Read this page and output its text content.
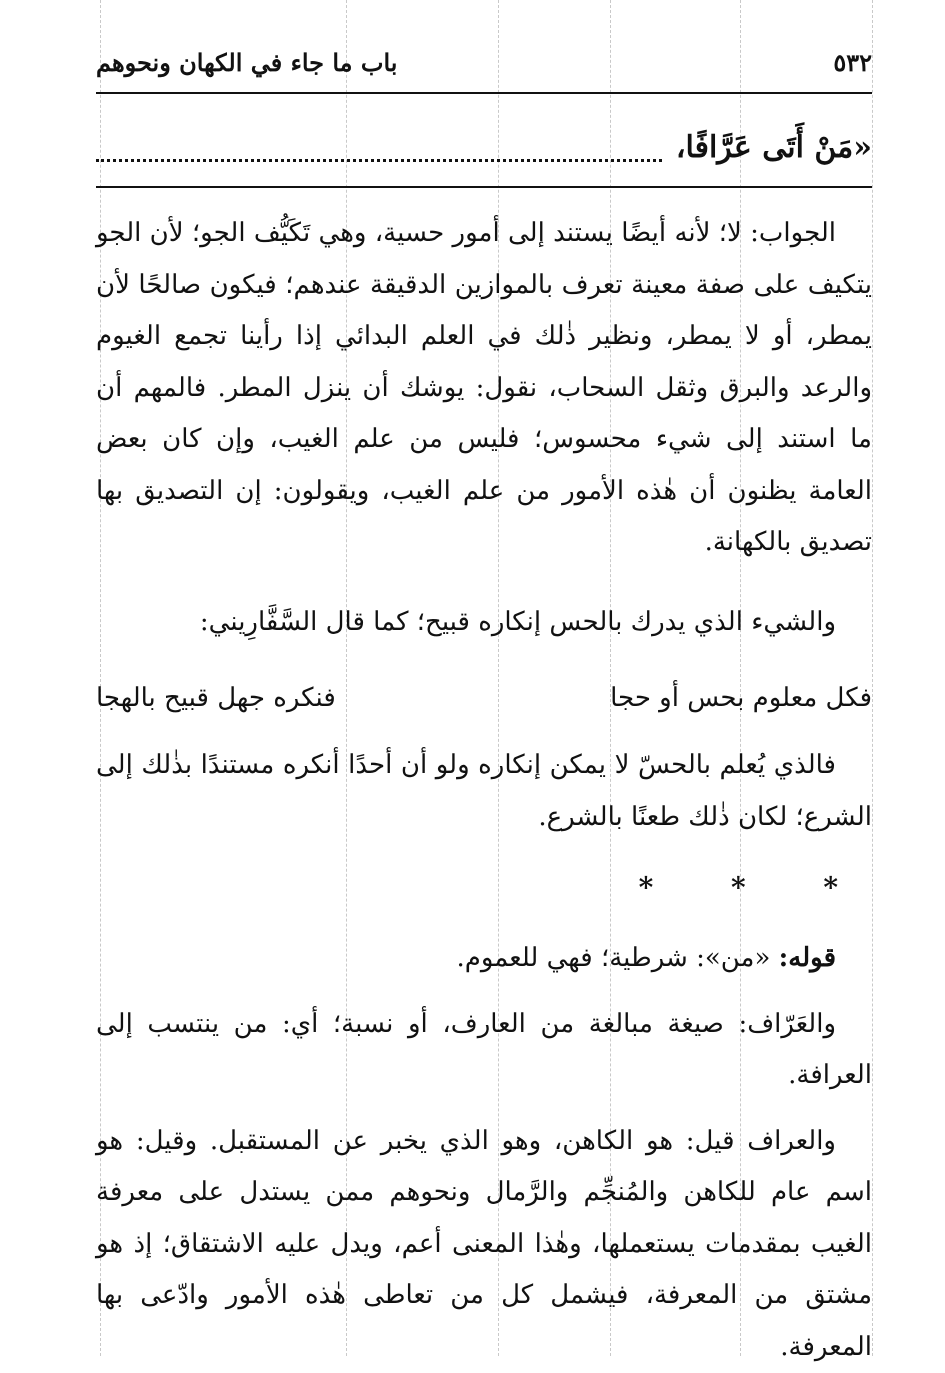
٥٣٢
باب ما جاء في الكهان ونحوهم
«مَنْ أَتَى عَرَّافًا،

الجواب: لا؛ لأنه أيضًا يستند إلى أمور حسية، وهي تَكَيُّف الجو؛ لأن الجو يتكيف على صفة معينة تعرف بالموازين الدقيقة عندهم؛ فيكون صالحًا لأن يمطر، أو لا يمطر، ونظير ذٰلك في العلم البدائي إذا رأينا تجمع الغيوم والرعد والبرق وثقل السحاب، نقول: يوشك أن ينزل المطر. فالمهم أن ما استند إلى شيء محسوس؛ فليس من علم الغيب، وإن كان بعض العامة يظنون أن هٰذه الأمور من علم الغيب، ويقولون: إن التصديق بها تصديق بالكهانة.

والشيء الذي يدرك بالحس إنكاره قبيح؛ كما قال السَّفَّارِيني:

فكل معلوم بحس أو حجا
فنكره جهل قبيح بالهجا

فالذي يُعلم بالحسّ لا يمكن إنكاره ولو أن أحدًا أنكره مستندًا بذٰلك إلى الشرع؛ لكان ذٰلك طعنًا بالشرع.

* * *

قوله: «من»: شرطية؛ فهي للعموم.

والعَرّاف: صيغة مبالغة من العارف، أو نسبة؛ أي: من ينتسب إلى العرافة.

والعراف قيل: هو الكاهن، وهو الذي يخبر عن المستقبل. وقيل: هو اسم عام للكاهن والمُنجِّم والرَّمال ونحوهم ممن يستدل على معرفة الغيب بمقدمات يستعملها، وهٰذا المعنى أعم، ويدل عليه الاشتقاق؛ إذ هو مشتق من المعرفة، فيشمل كل من تعاطى هٰذه الأمور وادّعى بها المعرفة.
